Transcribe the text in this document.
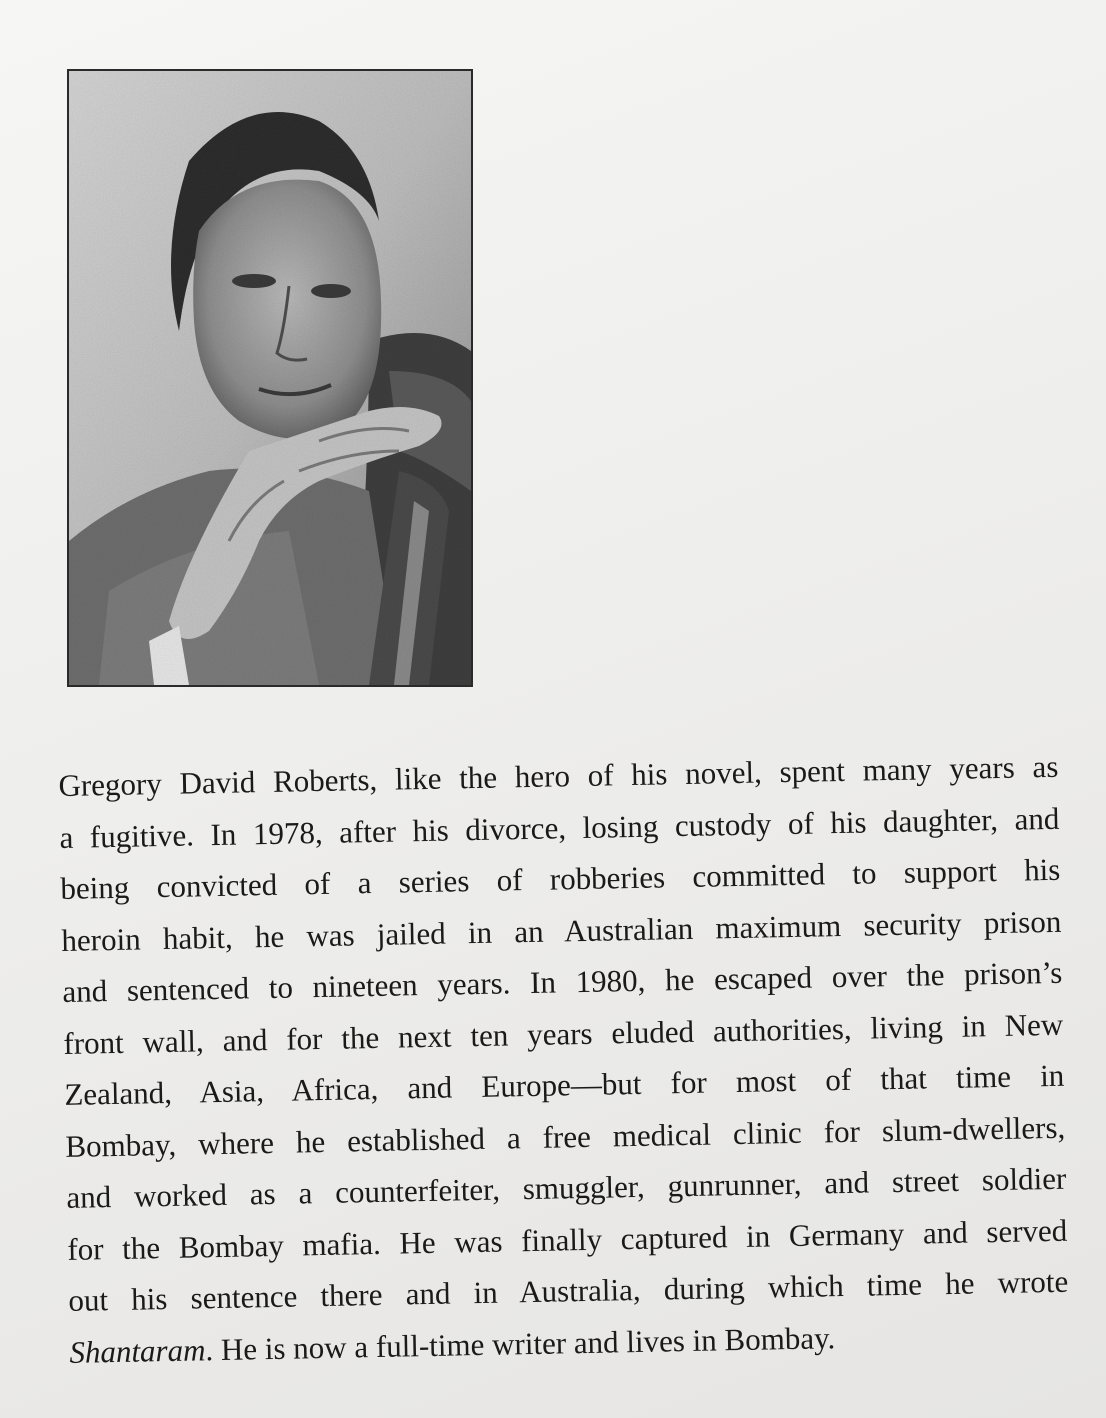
Gregory David Roberts, like the hero of his novel, spent many years as
a fugitive. In 1978, after his divorce, losing custody of his daughter, and
being convicted of a series of robberies committed to support his
heroin habit, he was jailed in an Australian maximum security prison
and sentenced to nineteen years. In 1980, he escaped over the prison’s
front wall, and for the next ten years eluded authorities, living in New
Zealand, Asia, Africa, and Europe—but for most of that time in
Bombay, where he established a free medical clinic for slum-dwellers,
and worked as a counterfeiter, smuggler, gunrunner, and street soldier
for the Bombay mafia. He was finally captured in Germany and served
out his sentence there and in Australia, during which time he wrote
Shantaram. He is now a full-time writer and lives in Bombay.
